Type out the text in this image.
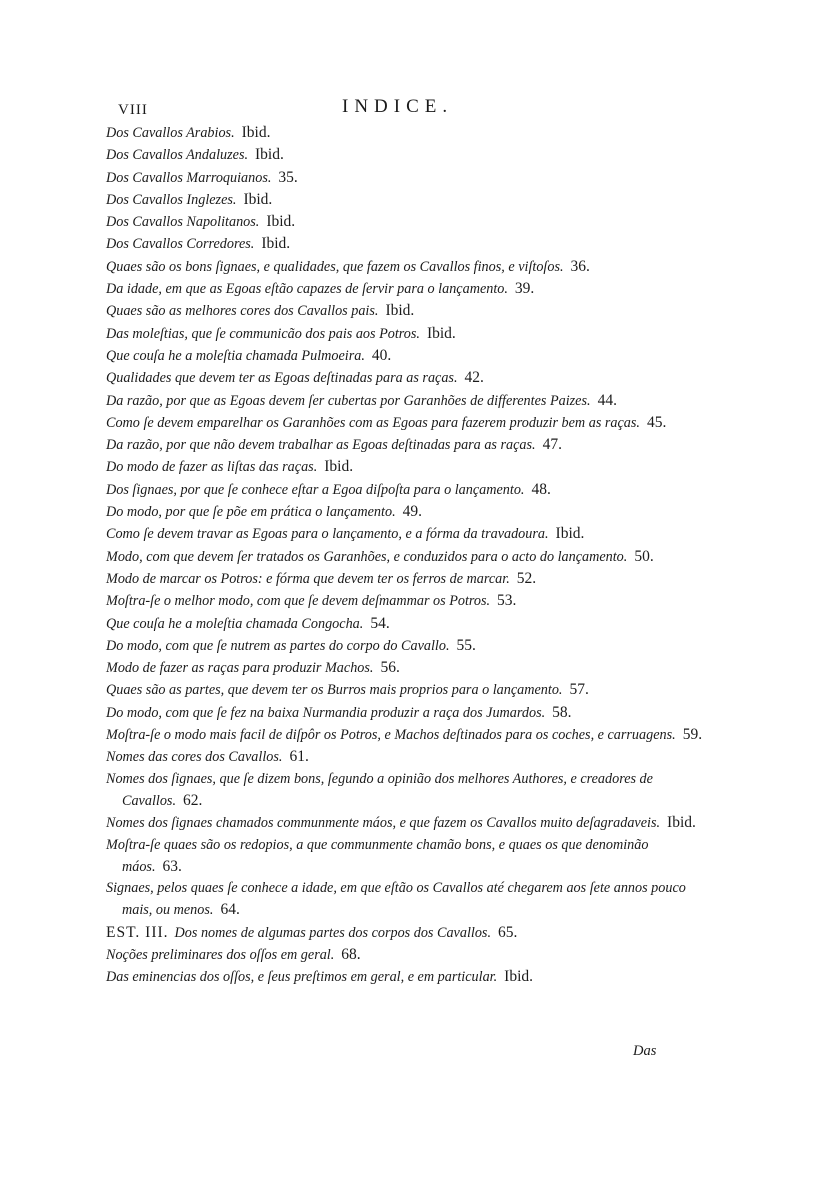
VIII	INDICE.
Dos Cavallos Arabios. Ibid.
Dos Cavallos Andaluzes. Ibid.
Dos Cavallos Marroquianos. 35.
Dos Cavallos Inglezes. Ibid.
Dos Cavallos Napolitanos. Ibid.
Dos Cavallos Corredores. Ibid.
Quaes são os bons ſignaes, e qualidades, que fazem os Cavallos finos, e viſtoſos. 36.
Da idade, em que as Egoas eſtão capazes de ſervir para o lançamento. 39.
Quaes são as melhores cores dos Cavallos pais. Ibid.
Das moleſtias, que ſe communicão dos pais aos Potros. Ibid.
Que couſa he a moleſtia chamada Pulmoeira. 40.
Qualidades que devem ter as Egoas deſtinadas para as raças. 42.
Da razão, por que as Egoas devem ſer cubertas por Garanhões de differentes Paizes. 44.
Como ſe devem emparelhar os Garanhões com as Egoas para fazerem produzir bem as raças. 45.
Da razão, por que não devem trabalhar as Egoas deſtinadas para as raças. 47.
Do modo de fazer as liſtas das raças. Ibid.
Dos ſignaes, por que ſe conhece eſtar a Egoa diſpoſta para o lançamento. 48.
Do modo, por que ſe põe em prática o lançamento. 49.
Como ſe devem travar as Egoas para o lançamento, e a fórma da travadoura. Ibid.
Modo, com que devem ſer tratados os Garanhões, e conduzidos para o acto do lançamento. 50.
Modo de marcar os Potros: e fórma que devem ter os ferros de marcar. 52.
Moſtra-ſe o melhor modo, com que ſe devem deſmammar os Potros. 53.
Que couſa he a moleſtia chamada Congocha. 54.
Do modo, com que ſe nutrem as partes do corpo do Cavallo. 55.
Modo de fazer as raças para produzir Machos. 56.
Quaes são as partes, que devem ter os Burros mais proprios para o lançamento. 57.
Do modo, com que ſe fez na baixa Nurmandia produzir a raça dos Jumardos. 58.
Moſtra-ſe o modo mais facil de diſpôr os Potros, e Machos deſtinados para os coches, e carruagens. 59.
Nomes das cores dos Cavallos. 61.
Nomes dos ſignaes, que ſe dizem bons, ſegundo a opinião dos melhores Authores, e creadores de Cavallos. 62.
Nomes dos ſignaes chamados communmente máos, e que fazem os Cavallos muito deſagradaveis. Ibid.
Moſtra-ſe quaes são os redopios, a que communmente chamão bons, e quaes os que denominão máos. 63.
Signaes, pelos quaes ſe conhece a idade, em que eſtão os Cavallos até chegarem aos ſete annos pouco mais, ou menos. 64.
EST. III. Dos nomes de algumas partes dos corpos dos Cavallos. 65.
Noções preliminares dos oſſos em geral. 68.
Das eminencias dos oſſos, e ſeus preſtimos em geral, e em particular. Ibid.
Das
